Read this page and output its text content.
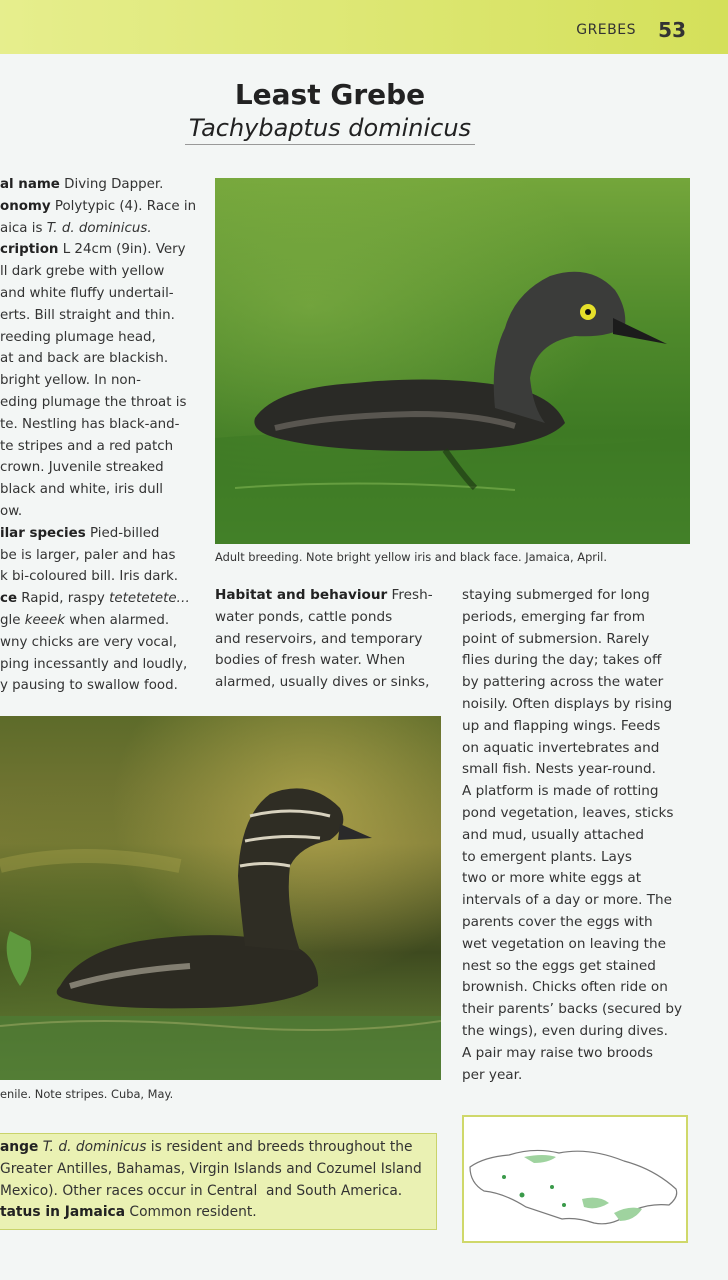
GREBES 53
Least Grebe
Tachybaptus dominicus
al name Diving Dapper.
onomy Polytypic (4). Race in
aica is T. d. dominicus.
cription L 24cm (9in). Very
ll dark grebe with yellow
and white fluffy undertail-
erts. Bill straight and thin.
reeding plumage head,
at and back are blackish.
bright yellow. In non-
eding plumage the throat is
te. Nestling has black-and-
te stripes and a red patch
crown. Juvenile streaked
black and white, iris dull
ow.
ilar species Pied-billed
be is larger, paler and has
k bi-coloured bill. Iris dark.
ce Rapid, raspy tetetetete…
gle keeek when alarmed.
wny chicks are very vocal,
ping incessantly and loudly,
y pausing to swallow food.
Adult breeding. Note bright yellow iris and black face. Jamaica, April.
Habitat and behaviour Fresh-
water ponds, cattle ponds
and reservoirs, and temporary
bodies of fresh water. When
alarmed, usually dives or sinks,
staying submerged for long
periods, emerging far from
point of submersion. Rarely
flies during the day; takes off
by pattering across the water
noisily. Often displays by rising
up and flapping wings. Feeds
on aquatic invertebrates and
small fish. Nests year-round.
A platform is made of rotting
pond vegetation, leaves, sticks
and mud, usually attached
to emergent plants. Lays
two or more white eggs at
intervals of a day or more. The
parents cover the eggs with
wet vegetation on leaving the
nest so the eggs get stained
brownish. Chicks often ride on
their parents’ backs (secured by
the wings), even during dives.
A pair may raise two broods
per year.
enile. Note stripes. Cuba, May.
ange T. d. dominicus is resident and breeds throughout the
Greater Antilles, Bahamas, Virgin Islands and Cozumel Island
Mexico). Other races occur in Central  and South America.
tatus in Jamaica Common resident.
